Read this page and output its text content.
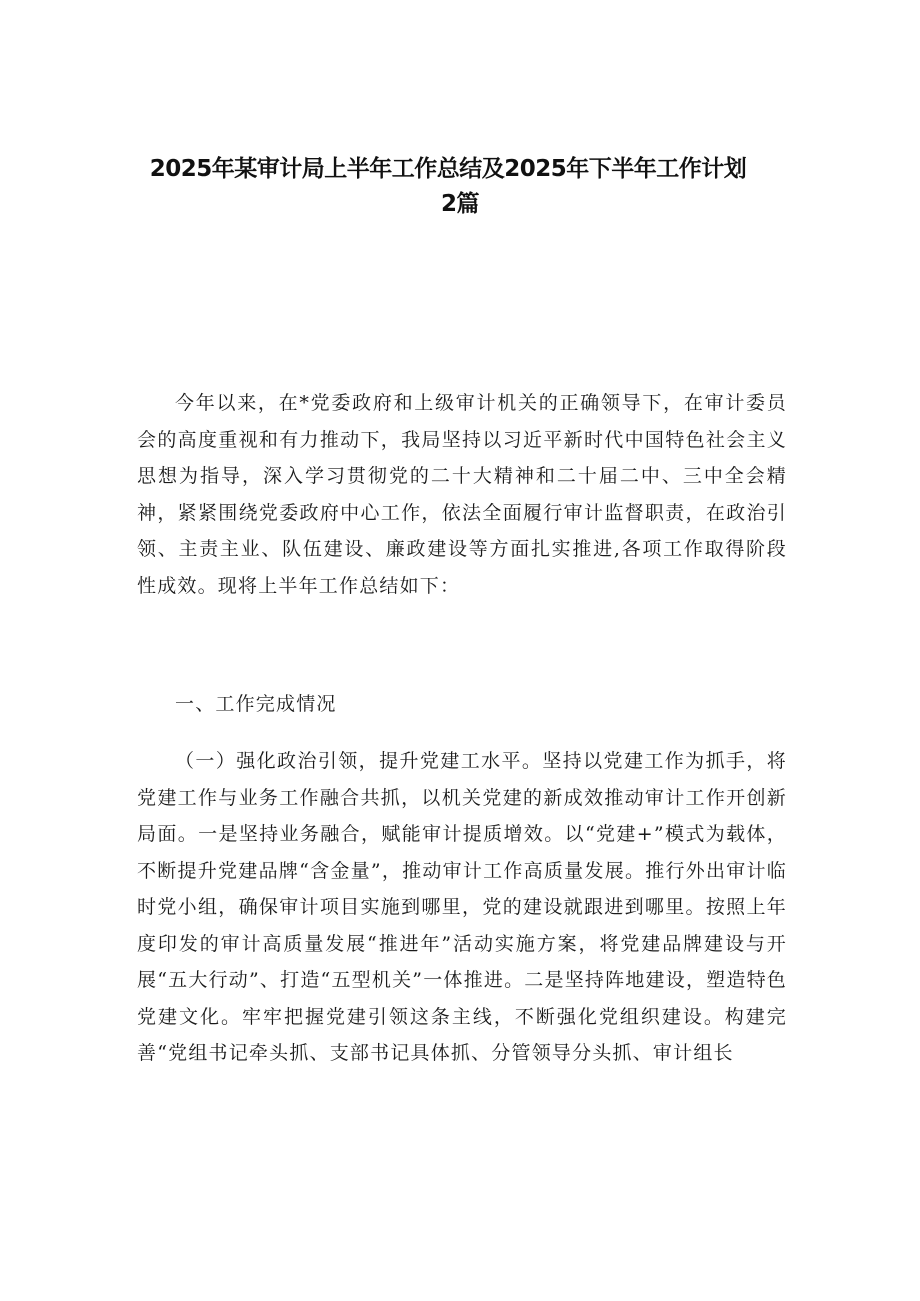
2025年某审计局上半年工作总结及2025年下半年工作计划
2篇

今年以来，在*党委政府和上级审计机关的正确领导下，在审计委员会的高度重视和有力推动下，我局坚持以习近平新时代中国特色社会主义思想为指导，深入学习贯彻党的二十大精神和二十届二中、三中全会精神，紧紧围绕党委政府中心工作，依法全面履行审计监督职责，在政治引领、主责主业、队伍建设、廉政建设等方面扎实推进,各项工作取得阶段性成效。现将上半年工作总结如下：

一、工作完成情况

（一）强化政治引领，提升党建工水平。坚持以党建工作为抓手，将党建工作与业务工作融合共抓，以机关党建的新成效推动审计工作开创新局面。一是坚持业务融合，赋能审计提质增效。以“党建+”模式为载体，不断提升党建品牌“含金量”，推动审计工作高质量发展。推行外出审计临时党小组，确保审计项目实施到哪里，党的建设就跟进到哪里。按照上年度印发的审计高质量发展“推进年”活动实施方案，将党建品牌建设与开展“五大行动”、打造“五型机关”一体推进。二是坚持阵地建设，塑造特色党建文化。牢牢把握党建引领这条主线，不断强化党组织建设。构建完善“党组书记牵头抓、支部书记具体抓、分管领导分头抓、审计组长
